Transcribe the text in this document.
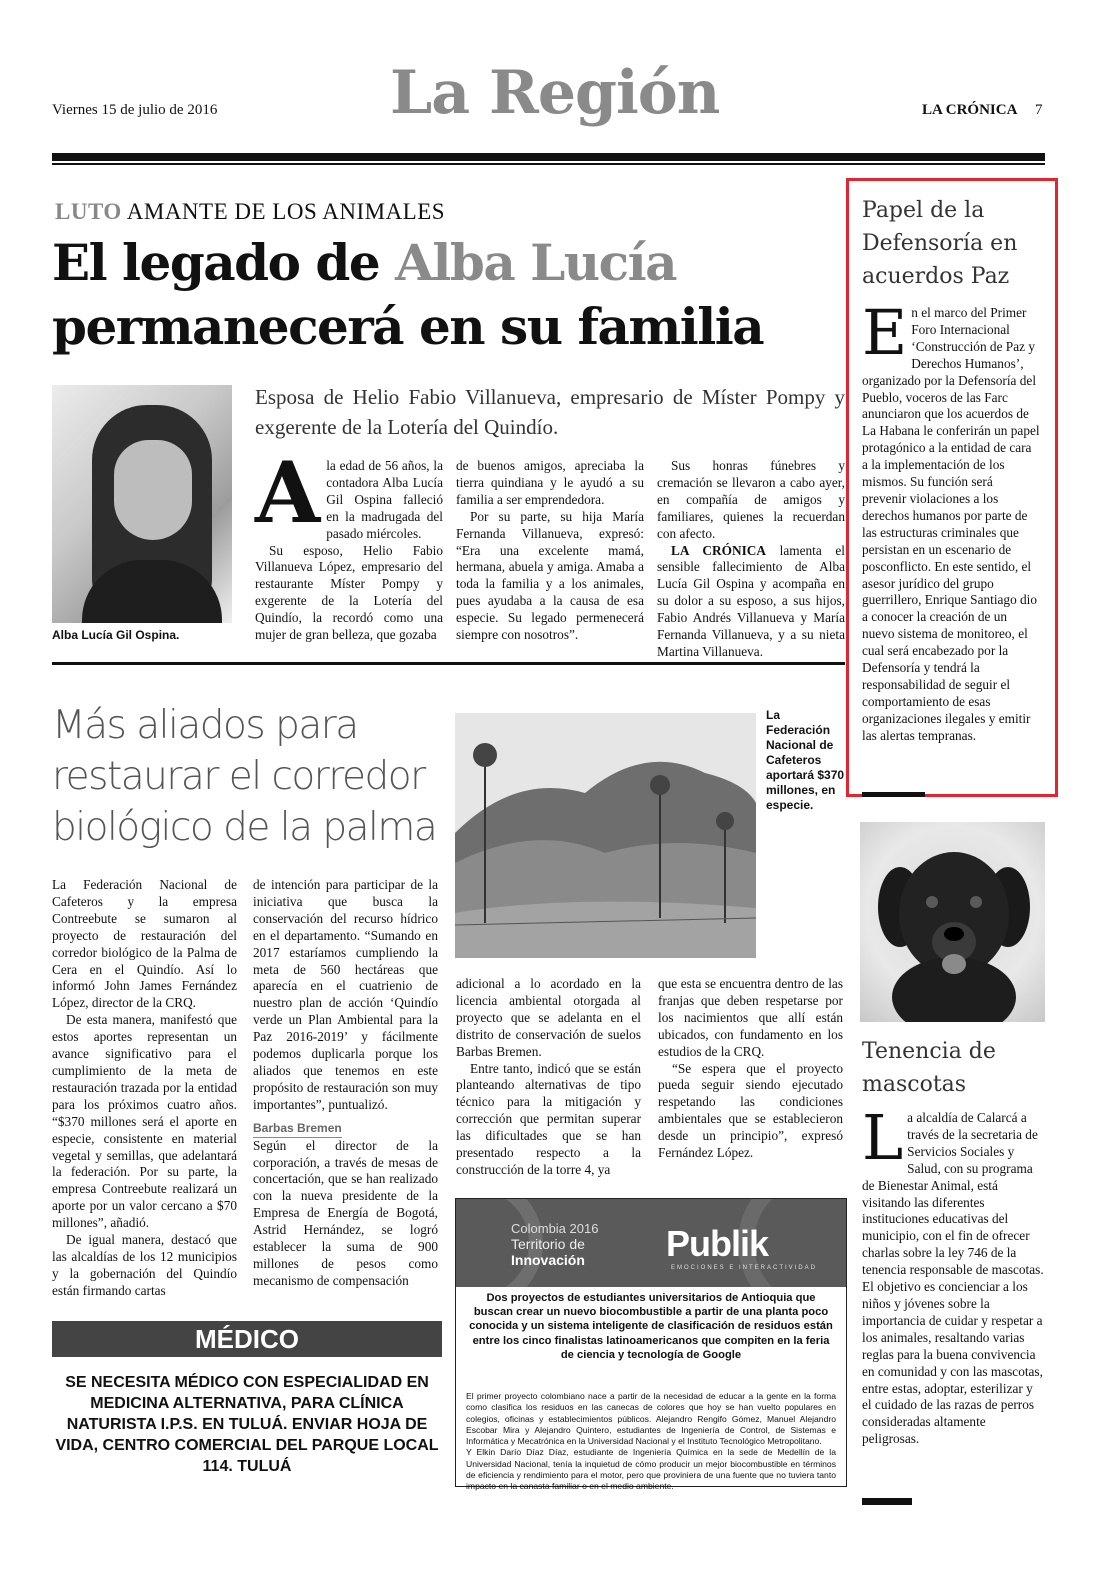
Viernes 15 de julio de 2016	La Región	LA CRÓNICA 7
LUTO AMANTE DE LOS ANIMALES
El legado de Alba Lucía
permanecerá en su familia
Alba Lucía Gil Ospina.
Esposa de Helio Fabio Villanueva, empresario de Míster Pompy y exgerente de la Lotería del Quindío.
A la edad de 56 años, la contadora Alba Lucía Gil Ospina falleció en la madrugada del pasado miércoles.

Su esposo, Helio Fabio Villanueva López, empresario del restaurante Míster Pompy y exgerente de la Lotería del Quindío, la recordó como una mujer de gran belleza, que gozaba

de buenos amigos, apreciaba la tierra quindiana y le ayudó a su familia a ser emprendedora.

Por su parte, su hija María Fernanda Villanueva, expresó: “Era una excelente mamá, hermana, abuela y amiga. Amaba a toda la familia y a los animales, pues ayudaba a la causa de esa especie. Su legado permenecerá siempre con nosotros”.

Sus honras fúnebres y cremación se llevaron a cabo ayer, en compañía de amigos y familiares, quienes la recuerdan con afecto.

LA CRÓNICA lamenta el sensible fallecimiento de Alba Lucía Gil Ospina y acompaña en su dolor a su esposo, a sus hijos, Fabio Andrés Villanueva y María Fernanda Villanueva, y a su nieta Martina Villanueva.

Más aliados para
restaurar el corredor
biológico de la palma
La Federación Nacional de Cafeteros aportará $370 millones, en especie.

La Federación Nacional de Cafeteros y la empresa Contreebute se sumaron al proyecto de restauración del corredor biológico de la Palma de Cera en el Quindío. Así lo informó John James Fernández López, director de la CRQ.

De esta manera, manifestó que estos aportes representan un avance significativo para el cumplimiento de la meta de restauración trazada por la entidad para los próximos cuatro años. “$370 millones será el aporte en especie, consistente en material vegetal y semillas, que adelantará la federación. Por su parte, la empresa Contreebute realizará un aporte por un valor cercano a $70 millones”, añadió.

De igual manera, destacó que las alcaldías de los 12 municipios y la gobernación del Quindío están firmando cartas

de intención para participar de la iniciativa que busca la conservación del recurso hídrico en el departamento. “Sumando en 2017 estaríamos cumpliendo la meta de 560 hectáreas que aparecía en el cuatrienio de nuestro plan de acción ‘Quindío verde un Plan Ambiental para la Paz 2016-2019’ y fácilmente podemos duplicarla porque los aliados que tenemos en este propósito de restauración son muy importantes”, puntualizó.

Barbas Bremen

Según el director de la corporación, a través de mesas de concertación, que se han realizado con la nueva presidente de la Empresa de Energía de Bogotá, Astrid Hernández, se logró establecer la suma de 900 millones de pesos como mecanismo de compensación

adicional a lo acordado en la licencia ambiental otorgada al proyecto que se adelanta en el distrito de conservación de suelos Barbas Bremen.

Entre tanto, indicó que se están planteando alternativas de tipo técnico para la mitigación y corrección que permitan superar las dificultades que se han presentado respecto a la construcción de la torre 4, ya

que esta se encuentra dentro de las franjas que deben respetarse por los nacimientos que allí están ubicados, con fundamento en los estudios de la CRQ.

“Se espera que el proyecto pueda seguir siendo ejecutado respetando las condiciones ambientales que se establecieron desde un principio”, expresó Fernández López.

MÉDICO
SE NECESITA MÉDICO CON ESPECIALIDAD EN MEDICINA ALTERNATIVA, PARA CLÍNICA NATURISTA I.P.S. EN TULUÁ. ENVIAR HOJA DE VIDA, CENTRO COMERCIAL DEL PARQUE LOCAL 114. TULUÁ
Colombia 2016
Territorio de
Innovación Publik
EMOCIONES E INTERACTIVIDAD
Dos proyectos de estudiantes universitarios de Antioquia que buscan crear un nuevo biocombustible a partir de una planta poco conocida y un sistema inteligente de clasificación de residuos están entre los cinco finalistas latinoamericanos que compiten en la feria de ciencia y tecnología de Google

El primer proyecto colombiano nace a partir de la necesidad de educar a la gente en la forma como clasifica los residuos en las canecas de colores que hoy se han vuelto populares en colegios, oficinas y establecimientos públicos. Alejandro Rengifo Gómez, Manuel Alejandro Escobar Mira y Alejandro Quintero, estudiantes de Ingeniería de Control, de Sistemas e Informática y Mecatrónica en la Universidad Nacional y el Instituto Tecnológico Metropolitano.

Y Elkin Darío Díaz Díaz, estudiante de Ingeniería Química en la sede de Medellín de la Universidad Nacional, tenía la inquietud de cómo producir un mejor biocombustible en términos de eficiencia y rendimiento para el motor, pero que proviniera de una fuente que no tuviera tanto impacto en la canasta familiar o en el medio ambiente.

Papel de la Defensoría en acuerdos Paz
E n el marco del Primer Foro Internacional ‘Construcción de Paz y Derechos Humanos’, organizado por la Defensoría del Pueblo, voceros de las Farc anunciaron que los acuerdos de La Habana le conferirán un papel protagónico a la entidad de cara a la implementación de los mismos. Su función será prevenir violaciones a los derechos humanos por parte de las estructuras criminales que persistan en un escenario de posconflicto. En este sentido, el asesor jurídico del grupo guerrillero, Enrique Santiago dio a conocer la creación de un nuevo sistema de monitoreo, el cual será encabezado por la Defensoría y tendrá la responsabilidad de seguir el comportamiento de esas organizaciones ilegales y emitir las alertas tempranas.
Tenencia de mascotas
L a alcaldía de Calarcá a través de la secretaria de Servicios Sociales y Salud, con su programa de Bienestar Animal, está visitando las diferentes instituciones educativas del municipio, con el fin de ofrecer charlas sobre la ley 746 de la tenencia responsable de mascotas. El objetivo es concienciar a los niños y jóvenes sobre la importancia de cuidar y respetar a los animales, resaltando varias reglas para la buena convivencia en comunidad y con las mascotas, entre estas, adoptar, esterilizar y el cuidado de las razas de perros consideradas altamente peligrosas.
